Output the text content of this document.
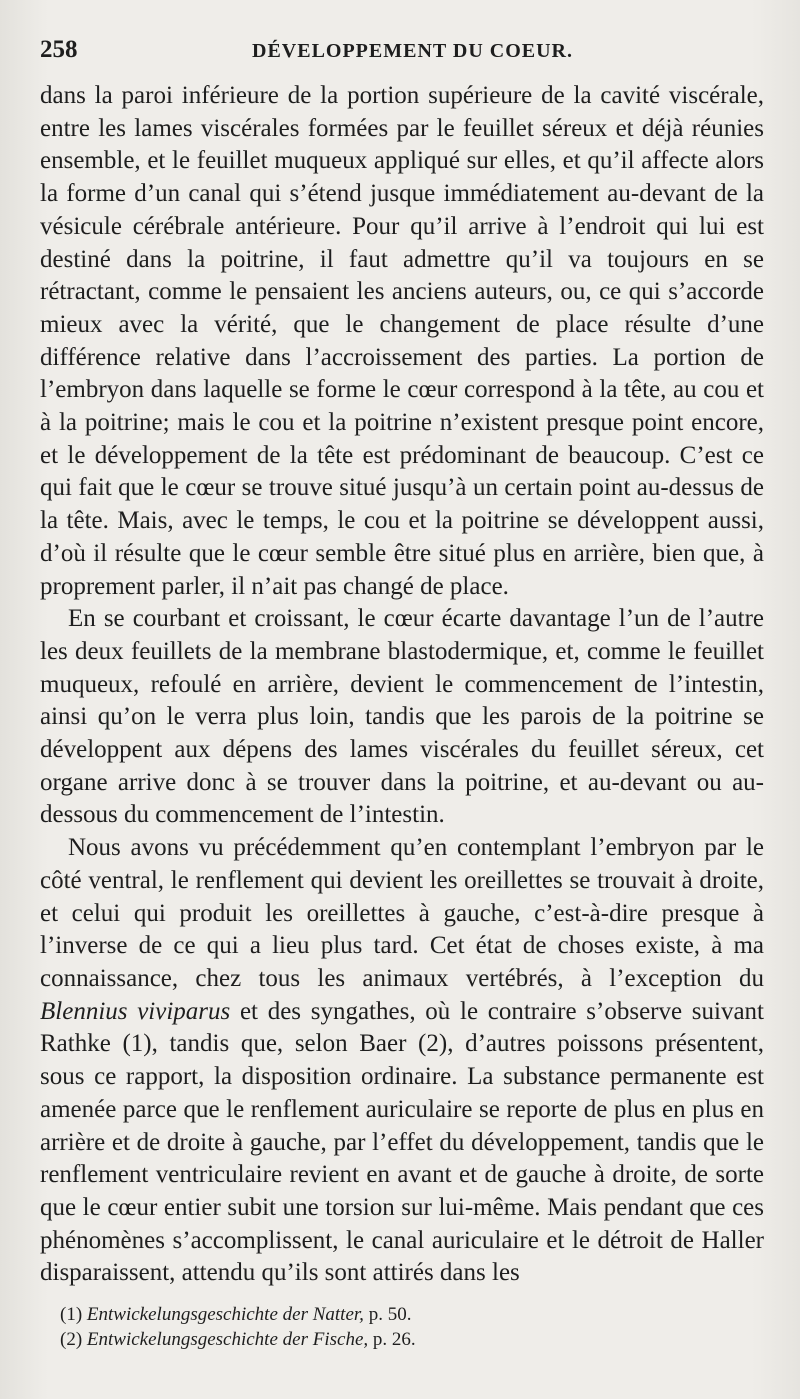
258	DÉVELOPPEMENT DU COEUR.

dans la paroi inférieure de la portion supérieure de la cavité viscérale, entre les lames viscérales formées par le feuillet séreux et déjà réunies ensemble, et le feuillet muqueux appliqué sur elles, et qu’il affecte alors la forme d’un canal qui s’étend jusque immédiatement au-devant de la vésicule cérébrale antérieure. Pour qu’il arrive à l’endroit qui lui est destiné dans la poitrine, il faut admettre qu’il va toujours en se rétractant, comme le pensaient les anciens auteurs, ou, ce qui s’accorde mieux avec la vérité, que le changement de place résulte d’une différence relative dans l’accroissement des parties. La portion de l’embryon dans laquelle se forme le cœur correspond à la tête, au cou et à la poitrine; mais le cou et la poitrine n’existent presque point encore, et le développement de la tête est prédominant de beaucoup. C’est ce qui fait que le cœur se trouve situé jusqu’à un certain point au-dessus de la tête. Mais, avec le temps, le cou et la poitrine se développent aussi, d’où il résulte que le cœur semble être situé plus en arrière, bien que, à proprement parler, il n’ait pas changé de place.

En se courbant et croissant, le cœur écarte davantage l’un de l’autre les deux feuillets de la membrane blastodermique, et, comme le feuillet muqueux, refoulé en arrière, devient le commencement de l’intestin, ainsi qu’on le verra plus loin, tandis que les parois de la poitrine se développent aux dépens des lames viscérales du feuillet séreux, cet organe arrive donc à se trouver dans la poitrine, et au-devant ou au-dessous du commencement de l’intestin.

Nous avons vu précédemment qu’en contemplant l’embryon par le côté ventral, le renflement qui devient les oreillettes se trouvait à droite, et celui qui produit les oreillettes à gauche, c’est-à-dire presque à l’inverse de ce qui a lieu plus tard. Cet état de choses existe, à ma connaissance, chez tous les animaux vertébrés, à l’exception du Blennius viviparus et des syngathes, où le contraire s’observe suivant Rathke (1), tandis que, selon Baer (2), d’autres poissons présentent, sous ce rapport, la disposition ordinaire. La substance permanente est amenée parce que le renflement auriculaire se reporte de plus en plus en arrière et de droite à gauche, par l’effet du développement, tandis que le renflement ventriculaire revient en avant et de gauche à droite, de sorte que le cœur entier subit une torsion sur lui-même. Mais pendant que ces phénomènes s’accomplissent, le canal auriculaire et le détroit de Haller disparaissent, attendu qu’ils sont attirés dans les

(1) Entwickelungsgeschichte der Natter, p. 50.
(2) Entwickelungsgeschichte der Fische, p. 26.
